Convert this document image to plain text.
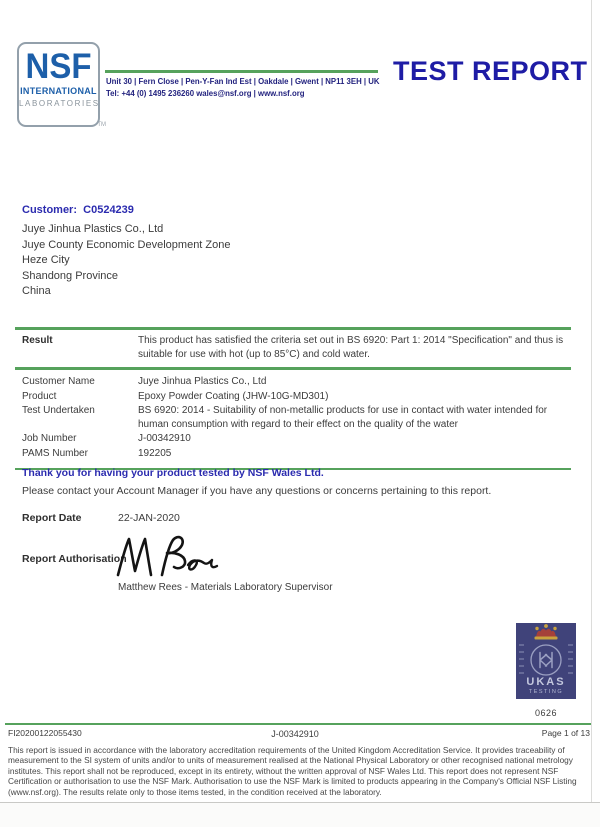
NSF
INTERNATIONAL
LABORATORIES
TM
Unit 30 | Fern Close | Pen-Y-Fan Ind Est | Oakdale | Gwent | NP11 3EH | UK
Tel: +44 (0) 1495 236260 wales@nsf.org | www.nsf.org
TEST REPORT
Customer: C0524239
Juye Jinhua Plastics Co., Ltd
Juye County Economic Development Zone
Heze City
Shandong Province
China
Result	This product has satisfied the criteria set out in BS 6920: Part 1: 2014 "Specification" and thus is suitable for use with hot (up to 85°C) and cold water.
Customer Name	Juye Jinhua Plastics Co., Ltd
Product	Epoxy Powder Coating (JHW-10G-MD301)
Test Undertaken	BS 6920: 2014 - Suitability of non-metallic products for use in contact with water intended for human consumption with regard to their effect on the quality of the water
Job Number	J-00342910
PAMS Number	192205
Thank you for having your product tested by NSF Wales Ltd.
Please contact your Account Manager if you have any questions or concerns pertaining to this report.
Report Date	22-JAN-2020
Report Authorisation
Matthew Rees - Materials Laboratory Supervisor
UKAS
TESTING
0626
FI20200122055430	J-00342910	Page 1 of 13
This report is issued in accordance with the laboratory accreditation requirements of the United Kingdom Accreditation Service. It provides traceability of measurement to the SI system of units and/or to units of measurement realised at the National Physical Laboratory or other recognised national metrology institutes. This report shall not be reproduced, except in its entirety, without the written approval of NSF Wales Ltd. This report does not represent NSF Certification or authorisation to use the NSF Mark. Authorisation to use the NSF Mark is limited to products appearing in the Company's Official NSF Listing (www.nsf.org). The results relate only to those items tested, in the condition received at the laboratory.
